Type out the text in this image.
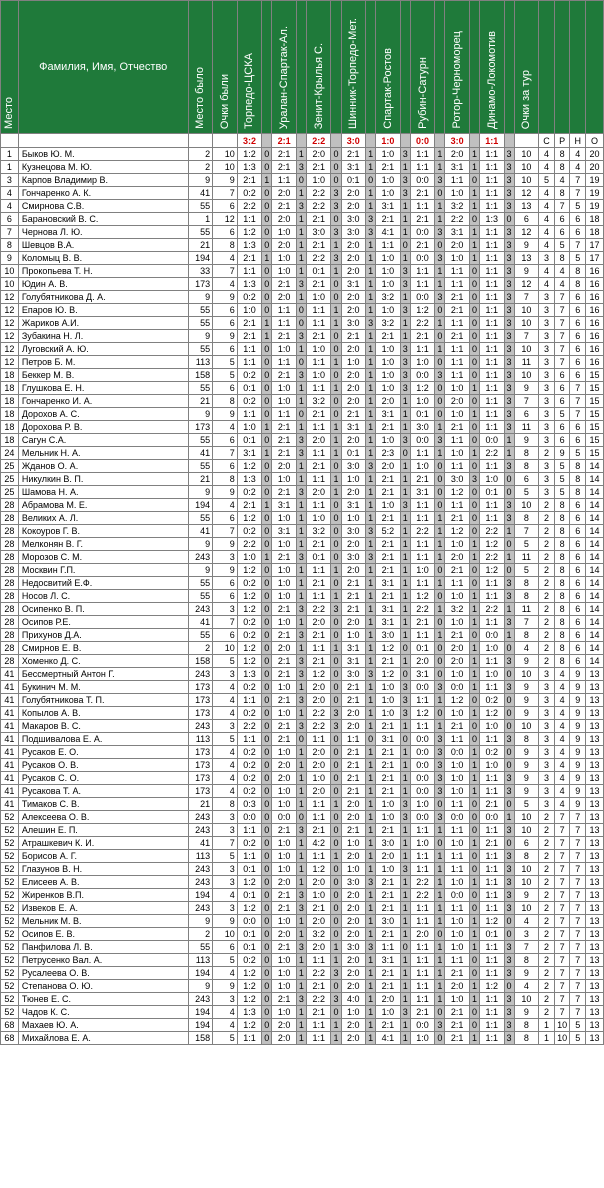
Место	Фамилия, Имя, Отчество	Место было	Очки были	Торпедо-ЦСКА		Уралан-Спартак-Ал.		Зенит-Крылья С.		Шинник-Торпедо-Мет.		Спартак-Ростов		Рубин-Сатурн		Ротор-Черноморец		Динамо-Локомотив		Очки за тур				

				3:2		2:1		2:2		3:0		1:0		0:0		3:0		1:1			С	Р	Н	О
1	Быков Ю. М.	2	10	1:2	0	2:1	1	2:0	0	2:1	1	1:0	3	1:1	1	2:0	1	1:1	3	10	4	8	4	20
1	Кузнецова М. Ю.	2	10	1:3	0	2:1	3	2:1	0	3:1	1	2:1	1	1:1	1	3:1	1	1:1	3	10	4	8	4	20
3	Карпов Владимир В.	9	9	2:1	1	1:1	0	1:0	0	0:1	0	1:0	3	0:0	3	1:1	0	1:1	3	10	5	4	7	19
4	Гончаренко А. К.	41	7	0:2	0	2:0	1	2:2	3	2:0	1	1:0	3	2:1	0	1:0	1	1:1	3	12	4	8	7	19
4	Смирнова С.В.	55	6	2:2	0	2:1	3	2:2	3	2:0	1	3:1	1	1:1	1	3:2	1	1:1	3	13	4	7	5	19
6	Барановский В. С.	1	12	1:1	0	2:0	1	2:1	0	3:0	3	2:1	1	2:1	1	2:2	0	1:3	0	6	4	6	6	18
7	Чернова Л. Ю.	55	6	1:2	0	1:0	1	3:0	3	3:0	3	4:1	1	0:0	3	3:1	1	1:1	3	12	4	6	6	18
8	Шевцов В.А.	21	8	1:3	0	2:0	1	2:1	1	2:0	1	1:1	0	2:1	0	2:0	1	1:1	3	9	4	5	7	17
9	Коломыц В. В.	194	4	2:1	1	1:0	1	2:2	3	2:0	1	1:0	1	0:0	3	1:0	1	1:1	3	13	3	8	5	17
10	Прокопьева Т. Н.	33	7	1:1	0	1:0	1	0:1	1	2:0	1	1:0	3	1:1	1	1:1	0	1:1	3	9	4	4	8	16
10	Юдин А. В.	173	4	1:3	0	2:1	3	2:1	0	3:1	1	1:0	3	1:1	1	1:1	0	1:1	3	12	4	4	8	16
12	Голубятникова Д. А.	9	9	0:2	0	2:0	1	1:0	0	2:0	1	3:2	1	0:0	3	2:1	0	1:1	3	7	3	7	6	16
12	Епаров Ю. В.	55	6	1:0	0	1:1	0	1:1	1	2:0	1	1:0	3	1:2	0	2:1	0	1:1	3	10	3	7	6	16
12	Жариков А.И.	55	6	2:1	1	1:1	0	1:1	1	3:0	3	3:2	1	2:2	1	1:1	0	1:1	3	10	3	7	6	16
12	Зубакина Н. Л.	9	9	2:1	1	2:1	3	2:1	0	2:1	1	2:1	1	2:1	0	2:1	0	1:1	3	7	3	7	6	16
12	Луговский А. Ю.	55	6	1:1	0	1:0	1	1:0	0	2:0	1	1:0	3	1:1	1	1:1	0	1:1	3	10	3	7	6	16
12	Петров Б. М.	113	5	1:1	0	1:1	0	1:1	1	1:0	1	1:0	3	1:0	0	1:1	0	1:1	3	11	3	7	6	16
18	Беккер М. В.	158	5	0:2	0	2:1	3	1:0	0	2:0	1	1:0	3	0:0	3	1:1	0	1:1	3	10	3	6	6	15
18	Глушкова Е. Н.	55	6	0:1	0	1:0	1	1:1	1	2:0	1	1:0	3	1:2	0	1:0	1	1:1	3	9	3	6	7	15
18	Гончаренко И. А.	21	8	0:2	0	1:0	1	3:2	0	2:0	1	2:0	1	1:0	0	2:0	0	1:1	3	7	3	6	7	15
18	Дорохов А. С.	9	9	1:1	0	1:1	0	2:1	0	2:1	1	3:1	1	0:1	0	1:0	1	1:1	3	6	3	5	7	15
18	Дорохова Р. В.	173	4	1:0	1	2:1	1	1:1	1	3:1	1	2:1	1	3:0	1	2:1	0	1:1	3	11	3	6	6	15
18	Сагун С.А.	55	6	0:1	0	2:1	3	2:0	1	2:0	1	1:0	3	0:0	3	1:1	0	0:0	1	9	3	6	6	15
24	Мельник Н. А.	41	7	3:1	1	2:1	3	1:1	1	0:1	1	2:3	0	1:1	1	1:0	1	2:2	1	8	2	9	5	15
25	Жданов О. А.	55	6	1:2	0	2:0	1	2:1	0	3:0	3	2:0	1	1:0	0	1:1	0	1:1	3	8	3	5	8	14
25	Никулкин В. П.	21	8	1:3	0	1:0	1	1:1	1	1:0	1	2:1	1	2:1	0	3:0	3	1:0	0	6	3	5	8	14
25	Шамова Н. А.	9	9	0:2	0	2:1	3	2:0	1	2:0	1	2:1	1	3:1	0	1:2	0	0:1	0	5	3	5	8	14
28	Абрамова М. Е.	194	4	2:1	1	3:1	1	1:1	0	3:1	1	1:0	3	1:1	0	1:1	0	1:1	3	10	2	8	6	14
28	Великих А. Л.	55	6	1:2	0	1:0	1	1:0	0	1:0	1	2:1	1	1:1	1	2:1	0	1:1	3	8	2	8	6	14
28	Кокоуров Г. В.	41	7	0:2	0	3:1	1	3:2	0	3:0	3	5:2	1	2:2	1	1:2	0	2:2	1	7	2	8	6	14
28	Мелконян В. Г.	9	9	2:2	0	1:0	1	2:1	0	2:0	1	2:1	1	1:1	1	1:0	1	1:2	0	5	2	8	6	14
28	Морозов С. М.	243	3	1:0	1	2:1	3	0:1	0	3:0	3	2:1	1	1:1	1	2:0	1	2:2	1	11	2	8	6	14
28	Москвин Г.П.	9	9	1:2	0	1:0	1	1:1	1	2:0	1	2:1	1	1:0	0	2:1	0	1:2	0	5	2	8	6	14
28	Недосвитий Е.Ф.	55	6	0:2	0	1:0	1	2:1	0	2:1	1	3:1	1	1:1	1	1:1	0	1:1	3	8	2	8	6	14
28	Носов Л. С.	55	6	1:2	0	1:0	1	1:1	1	2:1	1	2:1	1	1:2	0	1:0	1	1:1	3	8	2	8	6	14
28	Осипенко В. П.	243	3	1:2	0	2:1	3	2:2	3	2:1	1	3:1	1	2:2	1	3:2	1	2:2	1	11	2	8	6	14
28	Осипов Р.Е.	41	7	0:2	0	1:0	1	2:0	0	2:0	1	3:1	1	2:1	0	1:0	1	1:1	3	7	2	8	6	14
28	Прихунов Д.А.	55	6	0:2	0	2:1	3	2:1	0	1:0	1	3:0	1	1:1	1	2:1	0	0:0	1	8	2	8	6	14
28	Смирнов Е. В.	2	10	1:2	0	2:0	1	1:1	1	3:1	1	1:2	0	0:1	0	2:0	1	1:0	0	4	2	8	6	14
28	Хоменко Д. С.	158	5	1:2	0	2:1	3	2:1	0	3:1	1	2:1	1	2:0	0	2:0	1	1:1	3	9	2	8	6	14
41	Бессмертный Антон Г.	243	3	1:3	0	2:1	3	1:2	0	3:0	3	1:2	0	3:1	0	1:0	1	1:0	0	10	3	4	9	13
41	Букинич М. М.	173	4	0:2	0	1:0	1	2:0	0	2:1	1	1:0	3	0:0	3	0:0	1	1:1	3	9	3	4	9	13
41	Голубятникова Т. П.	173	4	1:1	0	2:1	3	2:0	0	2:1	1	1:0	3	1:1	1	1:2	0	0:2	0	9	3	4	9	13
41	Копылов А. В.	173	4	0:2	0	1:0	1	2:2	3	2:0	1	1:0	3	1:2	0	1:0	1	1:2	0	9	3	4	9	13
41	Макаров В. С.	243	3	2:2	0	2:1	3	2:2	3	2:0	1	2:1	1	1:1	1	2:1	0	1:0	0	10	3	4	9	13
41	Подшивалова Е. А.	113	5	1:1	0	2:1	0	1:1	0	1:1	0	3:1	0	0:0	3	1:1	0	1:1	3	8	3	4	9	13
41	Русаков Е. О.	173	4	0:2	0	1:0	1	2:0	0	2:1	1	2:1	1	0:0	3	0:0	1	0:2	0	9	3	4	9	13
41	Русаков О. В.	173	4	0:2	0	2:0	1	2:0	0	2:1	1	2:1	1	0:0	3	1:0	1	1:0	0	9	3	4	9	13
41	Русаков С. О.	173	4	0:2	0	2:0	1	1:0	0	2:1	1	2:1	1	0:0	3	1:0	1	1:1	3	9	3	4	9	13
41	Русакова Т. А.	173	4	0:2	0	1:0	1	2:0	0	2:1	1	2:1	1	0:0	3	1:0	1	1:1	3	9	3	4	9	13
41	Тимаков С. В.	21	8	0:3	0	1:0	1	1:1	1	2:0	1	1:0	3	1:0	0	1:1	0	2:1	0	5	3	4	9	13
52	Алексеева О. В.	243	3	0:0	0	0:0	0	1:1	0	2:0	1	1:0	3	0:0	3	0:0	0	0:0	1	10	2	7	7	13
52	Алешин Е. П.	243	3	1:1	0	2:1	3	2:1	0	2:1	1	2:1	1	1:1	1	1:1	0	1:1	3	10	2	7	7	13
52	Атрашкевич К. И.	41	7	0:2	0	1:0	1	4:2	0	1:0	1	3:0	1	1:0	0	1:0	1	2:1	0	6	2	7	7	13
52	Борисов А. Г.	113	5	1:1	0	1:0	1	1:1	1	2:0	1	2:0	1	1:1	1	1:1	0	1:1	3	8	2	7	7	13
52	Глазунов В. Н.	243	3	0:1	0	1:0	1	1:2	0	1:0	1	1:0	3	1:1	1	1:1	0	1:1	3	10	2	7	7	13
52	Елисеев А. В.	243	3	1:2	0	2:0	1	2:0	0	3:0	3	2:1	1	2:2	1	1:0	1	1:1	3	10	2	7	7	13
52	Жиренков В.П.	194	4	0:1	0	2:1	3	1:0	0	2:0	1	2:1	1	2:2	1	0:0	0	1:1	3	9	2	7	7	13
52	Извеков Е. А.	243	3	1:2	0	2:1	3	2:1	0	2:0	1	2:1	1	1:1	1	1:1	0	1:1	3	10	2	7	7	13
52	Мельник М. В.	9	9	0:0	0	1:0	1	2:0	0	2:0	1	3:0	1	1:1	1	1:0	1	1:2	0	4	2	7	7	13
52	Осипов Е. В.	2	10	0:1	0	2:0	1	3:2	0	2:0	1	2:1	1	2:0	0	1:0	1	0:1	0	3	2	7	7	13
52	Панфилова Л. В.	55	6	0:1	0	2:1	3	2:0	1	3:0	3	1:1	0	1:1	1	1:0	1	1:1	3	7	2	7	7	13
52	Петрусенко Вал. А.	113	5	0:2	0	1:0	1	1:1	1	2:0	1	3:1	1	1:1	1	1:1	0	1:1	3	8	2	7	7	13
52	Русалеева О. В.	194	4	1:2	0	1:0	1	2:2	3	2:0	1	2:1	1	1:1	1	2:1	0	1:1	3	9	2	7	7	13
52	Степанова О. Ю.	9	9	1:2	0	1:0	1	2:1	0	2:0	1	2:1	1	1:1	1	2:0	1	1:2	0	4	2	7	7	13
52	Тюнев Е. С.	243	3	1:2	0	2:1	3	2:2	3	4:0	1	2:0	1	1:1	1	1:0	1	1:1	3	10	2	7	7	13
52	Чадов К. С.	194	4	1:3	0	1:0	1	2:1	0	1:0	1	1:0	3	2:1	0	2:1	0	1:1	3	9	2	7	7	13
68	Махаев Ю. А.	194	4	1:2	0	2:0	1	1:1	1	2:0	1	2:1	1	0:0	3	2:1	0	1:1	3	8	1	10	5	13
68	Михайлова Е. А.	158	5	1:1	0	2:0	1	1:1	1	2:0	1	4:1	1	1:0	0	2:1	1	1:1	3	8	1	10	5	13
